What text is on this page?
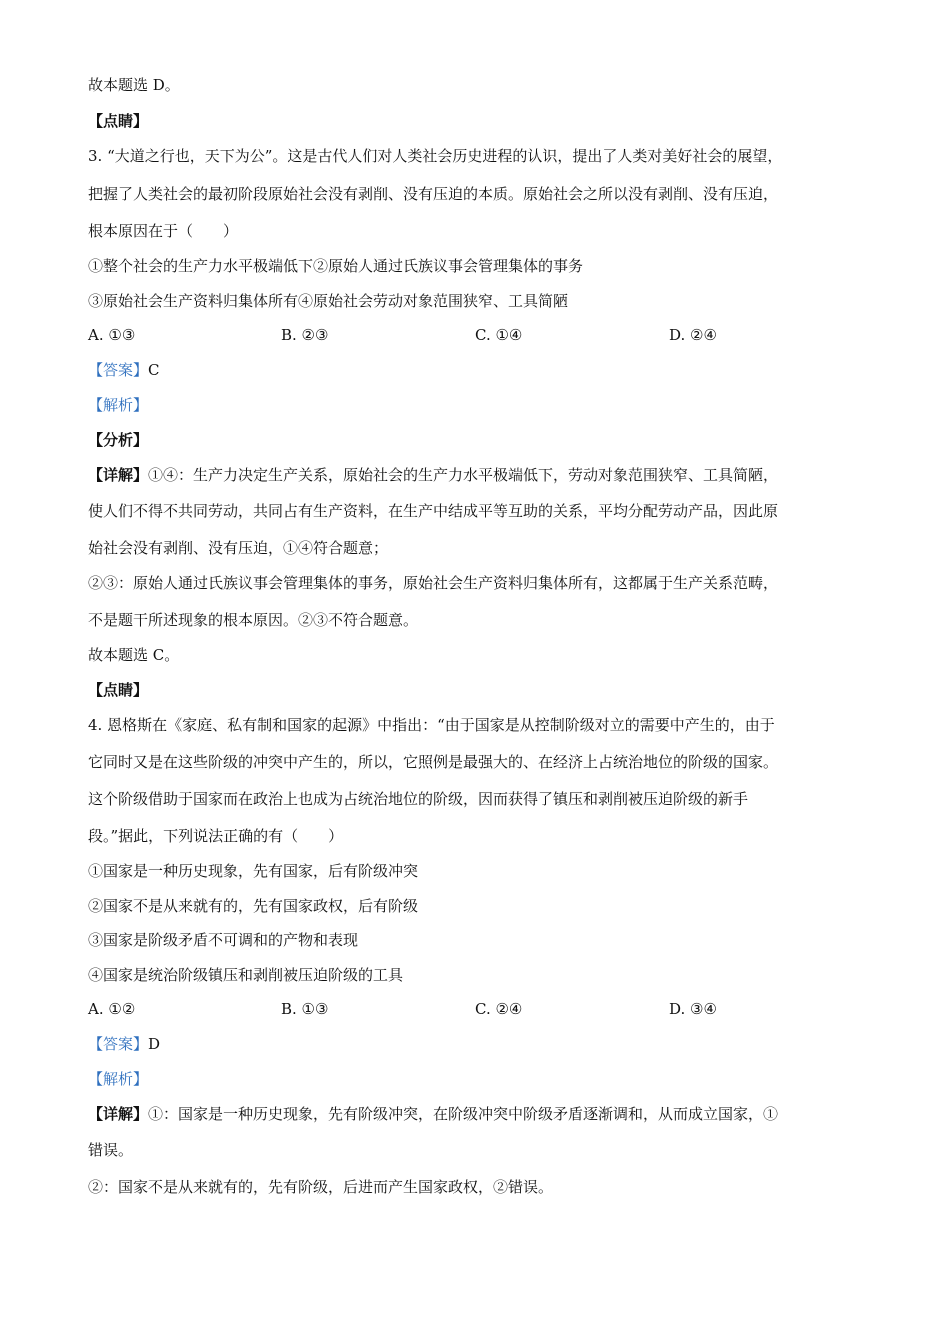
故本题选 D。
【点睛】
3. “大道之行也，天下为公”。这是古代人们对人类社会历史进程的认识，提出了人类对美好社会的展望，
把握了人类社会的最初阶段原始社会没有剥削、没有压迫的本质。原始社会之所以没有剥削、没有压迫，
根本原因在于（　　）
①整个社会的生产力水平极端低下②原始人通过氏族议事会管理集体的事务
③原始社会生产资料归集体所有④原始社会劳动对象范围狭窄、工具简陋
A. ①③	B. ②③	C. ①④	D. ②④
【答案】C
【解析】
【分析】
【详解】①④：生产力决定生产关系，原始社会的生产力水平极端低下，劳动对象范围狭窄、工具简陋，
使人们不得不共同劳动，共同占有生产资料，在生产中结成平等互助的关系，平均分配劳动产品，因此原
始社会没有剥削、没有压迫，①④符合题意；
②③：原始人通过氏族议事会管理集体的事务，原始社会生产资料归集体所有，这都属于生产关系范畴，
不是题干所述现象的根本原因。②③不符合题意。
故本题选 C。
【点睛】
4. 恩格斯在《家庭、私有制和国家的起源》中指出：“由于国家是从控制阶级对立的需要中产生的，由于
它同时又是在这些阶级的冲突中产生的，所以，它照例是最强大的、在经济上占统治地位的阶级的国家。
这个阶级借助于国家而在政治上也成为占统治地位的阶级，因而获得了镇压和剥削被压迫阶级的新手
段。”据此，下列说法正确的有（　　）
①国家是一种历史现象，先有国家，后有阶级冲突
②国家不是从来就有的，先有国家政权，后有阶级
③国家是阶级矛盾不可调和的产物和表现
④国家是统治阶级镇压和剥削被压迫阶级的工具
A. ①②	B. ①③	C. ②④	D. ③④
【答案】D
【解析】
【详解】①：国家是一种历史现象，先有阶级冲突，在阶级冲突中阶级矛盾逐渐调和，从而成立国家，①
错误。
②：国家不是从来就有的，先有阶级，后进而产生国家政权，②错误。
